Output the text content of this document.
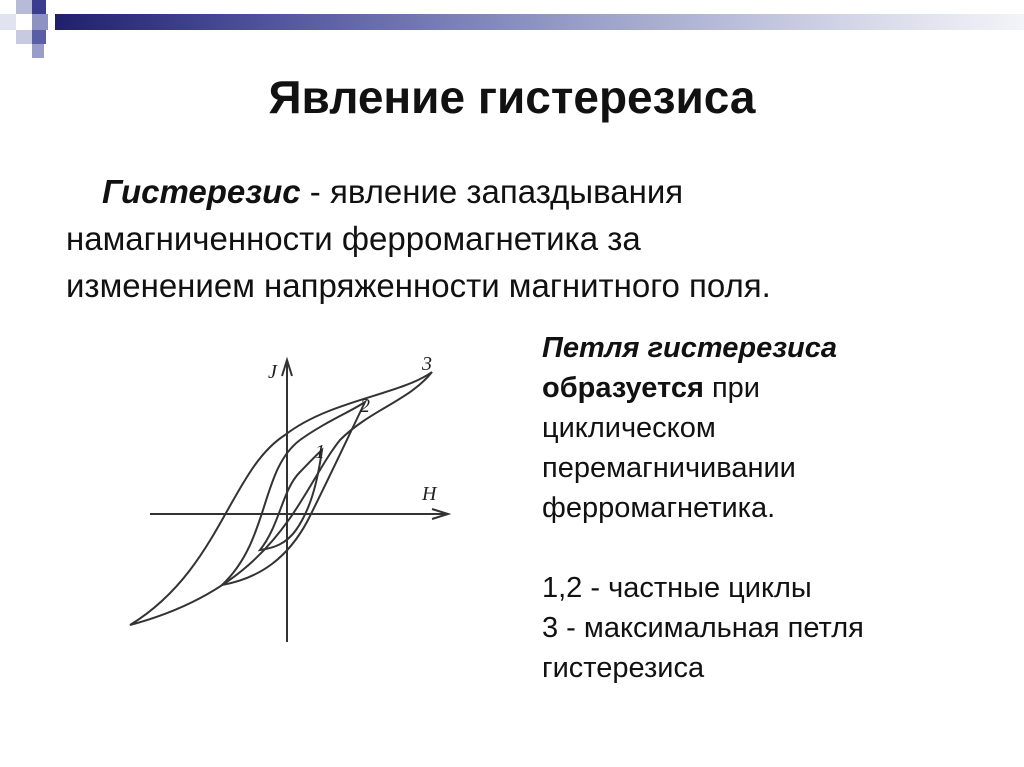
Явление гистерезиса
Гистерезис - явление запаздывания
намагниченности ферромагнетика за
изменением напряженности магнитного поля.
J
H
1
2
3	Петля гистерезиса
образуется при
циклическом
перемагничивании
ферромагнетика.
1,2 - частные циклы
3 - максимальная петля
гистерезиса
